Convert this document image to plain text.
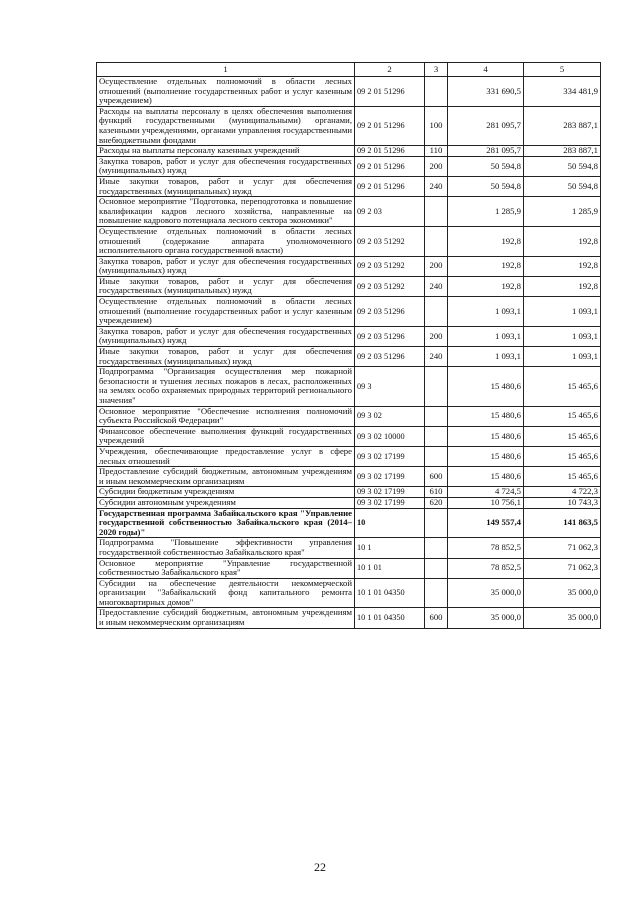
1	2	3	4	5
Осуществление отдельных полномочий в области лесных отношений (выполнение государственных работ и услуг казенным учреждением)	09 2 01 51296		331 690,5	334 481,9
Расходы на выплаты персоналу в целях обеспечения выполнения функций государственными (муниципальными) органами, казенными учреждениями, органами управления государственными внебюджетными фондами	09 2 01 51296	100	281 095,7	283 887,1
Расходы на выплаты персоналу казенных учреждений	09 2 01 51296	110	281 095,7	283 887,1
Закупка товаров, работ и услуг для обеспечения государственных (муниципальных) нужд	09 2 01 51296	200	50 594,8	50 594,8
Иные закупки товаров, работ и услуг для обеспечения государственных (муниципальных) нужд	09 2 01 51296	240	50 594,8	50 594,8
Основное мероприятие "Подготовка, переподготовка и повышение квалификации кадров лесного хозяйства, направленные на повышение кадрового потенциала лесного сектора экономики"	09 2 03		1 285,9	1 285,9
Осуществление отдельных полномочий в области лесных отношений (содержание аппарата уполномоченного исполнительного органа государственной власти)	09 2 03 51292		192,8	192,8
Закупка товаров, работ и услуг для обеспечения государственных (муниципальных) нужд	09 2 03 51292	200	192,8	192,8
Иные закупки товаров, работ и услуг для обеспечения государственных (муниципальных) нужд	09 2 03 51292	240	192,8	192,8
Осуществление отдельных полномочий в области лесных отношений (выполнение государственных работ и услуг казенным учреждением)	09 2 03 51296		1 093,1	1 093,1
Закупка товаров, работ и услуг для обеспечения государственных (муниципальных) нужд	09 2 03 51296	200	1 093,1	1 093,1
Иные закупки товаров, работ и услуг для обеспечения государственных (муниципальных) нужд	09 2 03 51296	240	1 093,1	1 093,1
Подпрограмма "Организация осуществления мер пожарной безопасности и тушения лесных пожаров в лесах, расположенных на землях особо охраняемых природных территорий регионального значения"	09 3		15 480,6	15 465,6
Основное мероприятие "Обеспечение исполнения полномочий субъекта Российской Федерации"	09 3 02		15 480,6	15 465,6
Финансовое обеспечение выполнения функций государственных учреждений	09 3 02 10000		15 480,6	15 465,6
Учреждения, обеспечивающие предоставление услуг в сфере лесных отношений	09 3 02 17199		15 480,6	15 465,6
Предоставление субсидий бюджетным, автономным учреждениям и иным некоммерческим организациям	09 3 02 17199	600	15 480,6	15 465,6
Субсидии бюджетным учреждениям	09 3 02 17199	610	4 724,5	4 722,3
Субсидии автономным учреждениям	09 3 02 17199	620	10 756,1	10 743,3
Государственная программа Забайкальского края "Управление государственной собственностью Забайкальского края (2014–2020 годы)"	10		149 557,4	141 863,5
Подпрограмма "Повышение эффективности управления государственной собственностью Забайкальского края"	10 1		78 852,5	71 062,3
Основное мероприятие "Управление государственной собственностью Забайкальского края"	10 1 01		78 852,5	71 062,3
Субсидии на обеспечение деятельности некоммерческой организации "Забайкальский фонд капитального ремонта многоквартирных домов"	10 1 01 04350		35 000,0	35 000,0
Предоставление субсидий бюджетным, автономным учреждениям и иным некоммерческим организациям	10 1 01 04350	600	35 000,0	35 000,0
22
